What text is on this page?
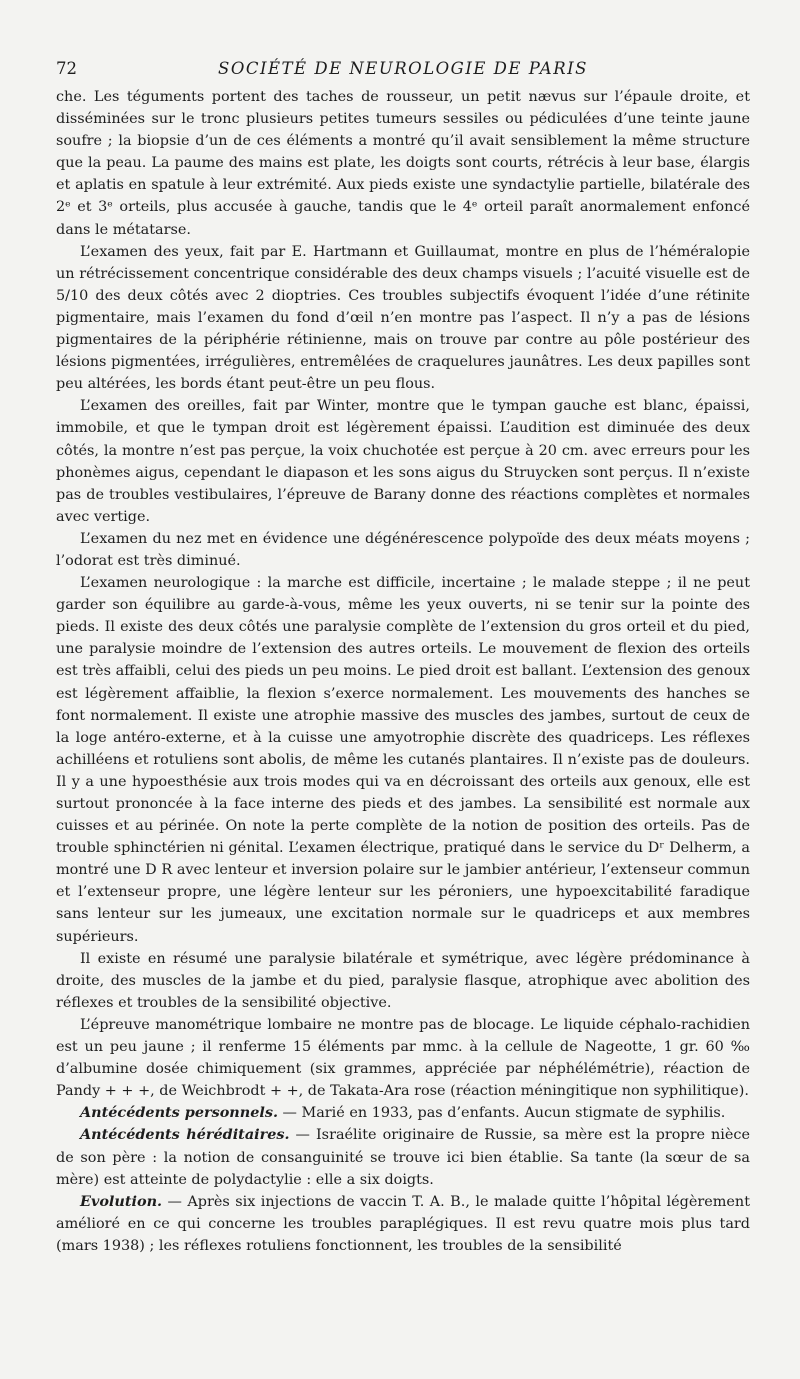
72	SOCIÉTÉ DE NEUROLOGIE DE PARIS

che. Les téguments portent des taches de rousseur, un petit nævus sur l’épaule droite, et disséminées sur le tronc plusieurs petites tumeurs sessiles ou pédiculées d’une teinte jaune soufre ; la biopsie d’un de ces éléments a montré qu’il avait sensiblement la même structure que la peau. La paume des mains est plate, les doigts sont courts, rétrécis à leur base, élargis et aplatis en spatule à leur extrémité. Aux pieds existe une syndactylie partielle, bilatérale des 2ᵉ et 3ᵉ orteils, plus accusée à gauche, tandis que le 4ᵉ orteil paraît anormalement enfoncé dans le métatarse.

L’examen des yeux, fait par E. Hartmann et Guillaumat, montre en plus de l’héméralopie un rétrécissement concentrique considérable des deux champs visuels ; l’acuité visuelle est de 5/10 des deux côtés avec 2 dioptries. Ces troubles subjectifs évoquent l’idée d’une rétinite pigmentaire, mais l’examen du fond d’œil n’en montre pas l’aspect. Il n’y a pas de lésions pigmentaires de la périphérie rétinienne, mais on trouve par contre au pôle postérieur des lésions pigmentées, irrégulières, entremêlées de craquelures jaunâtres. Les deux papilles sont peu altérées, les bords étant peut-être un peu flous.

L’examen des oreilles, fait par Winter, montre que le tympan gauche est blanc, épaissi, immobile, et que le tympan droit est légèrement épaissi. L’audition est diminuée des deux côtés, la montre n’est pas perçue, la voix chuchotée est perçue à 20 cm. avec erreurs pour les phonèmes aigus, cependant le diapason et les sons aigus du Struycken sont perçus. Il n’existe pas de troubles vestibulaires, l’épreuve de Barany donne des réactions complètes et normales avec vertige.

L’examen du nez met en évidence une dégénérescence polypoïde des deux méats moyens ; l’odorat est très diminué.

L’examen neurologique : la marche est difficile, incertaine ; le malade steppe ; il ne peut garder son équilibre au garde-à-vous, même les yeux ouverts, ni se tenir sur la pointe des pieds. Il existe des deux côtés une paralysie complète de l’extension du gros orteil et du pied, une paralysie moindre de l’extension des autres orteils. Le mouvement de flexion des orteils est très affaibli, celui des pieds un peu moins. Le pied droit est ballant. L’extension des genoux est légèrement affaiblie, la flexion s’exerce normalement. Les mouvements des hanches se font normalement. Il existe une atrophie massive des muscles des jambes, surtout de ceux de la loge antéro-externe, et à la cuisse une amyotrophie discrète des quadriceps. Les réflexes achilléens et rotuliens sont abolis, de même les cutanés plantaires. Il n’existe pas de douleurs. Il y a une hypoesthésie aux trois modes qui va en décroissant des orteils aux genoux, elle est surtout prononcée à la face interne des pieds et des jambes. La sensibilité est normale aux cuisses et au périnée. On note la perte complète de la notion de position des orteils. Pas de trouble sphinctérien ni génital. L’examen électrique, pratiqué dans le service du Dʳ Delherm, a montré une D R avec lenteur et inversion polaire sur le jambier antérieur, l’extenseur commun et l’extenseur propre, une légère lenteur sur les péroniers, une hypoexcitabilité faradique sans lenteur sur les jumeaux, une excitation normale sur le quadriceps et aux membres supérieurs.

Il existe en résumé une paralysie bilatérale et symétrique, avec légère prédominance à droite, des muscles de la jambe et du pied, paralysie flasque, atrophique avec abolition des réflexes et troubles de la sensibilité objective.

L’épreuve manométrique lombaire ne montre pas de blocage. Le liquide céphalo-rachidien est un peu jaune ; il renferme 15 éléments par mmc. à la cellule de Nageotte, 1 gr. 60 ‰ d’albumine dosée chimiquement (six grammes, appréciée par néphélémétrie), réaction de Pandy + + +, de Weichbrodt + +, de Takata-Ara rose (réaction méningitique non syphilitique).

Antécédents personnels. — Marié en 1933, pas d’enfants. Aucun stigmate de syphilis.

Antécédents héréditaires. — Israélite originaire de Russie, sa mère est la propre nièce de son père : la notion de consanguinité se trouve ici bien établie. Sa tante (la sœur de sa mère) est atteinte de polydactylie : elle a six doigts.

Evolution. — Après six injections de vaccin T. A. B., le malade quitte l’hôpital légèrement amélioré en ce qui concerne les troubles paraplégiques. Il est revu quatre mois plus tard (mars 1938) ; les réflexes rotuliens fonctionnent, les troubles de la sensibilité
